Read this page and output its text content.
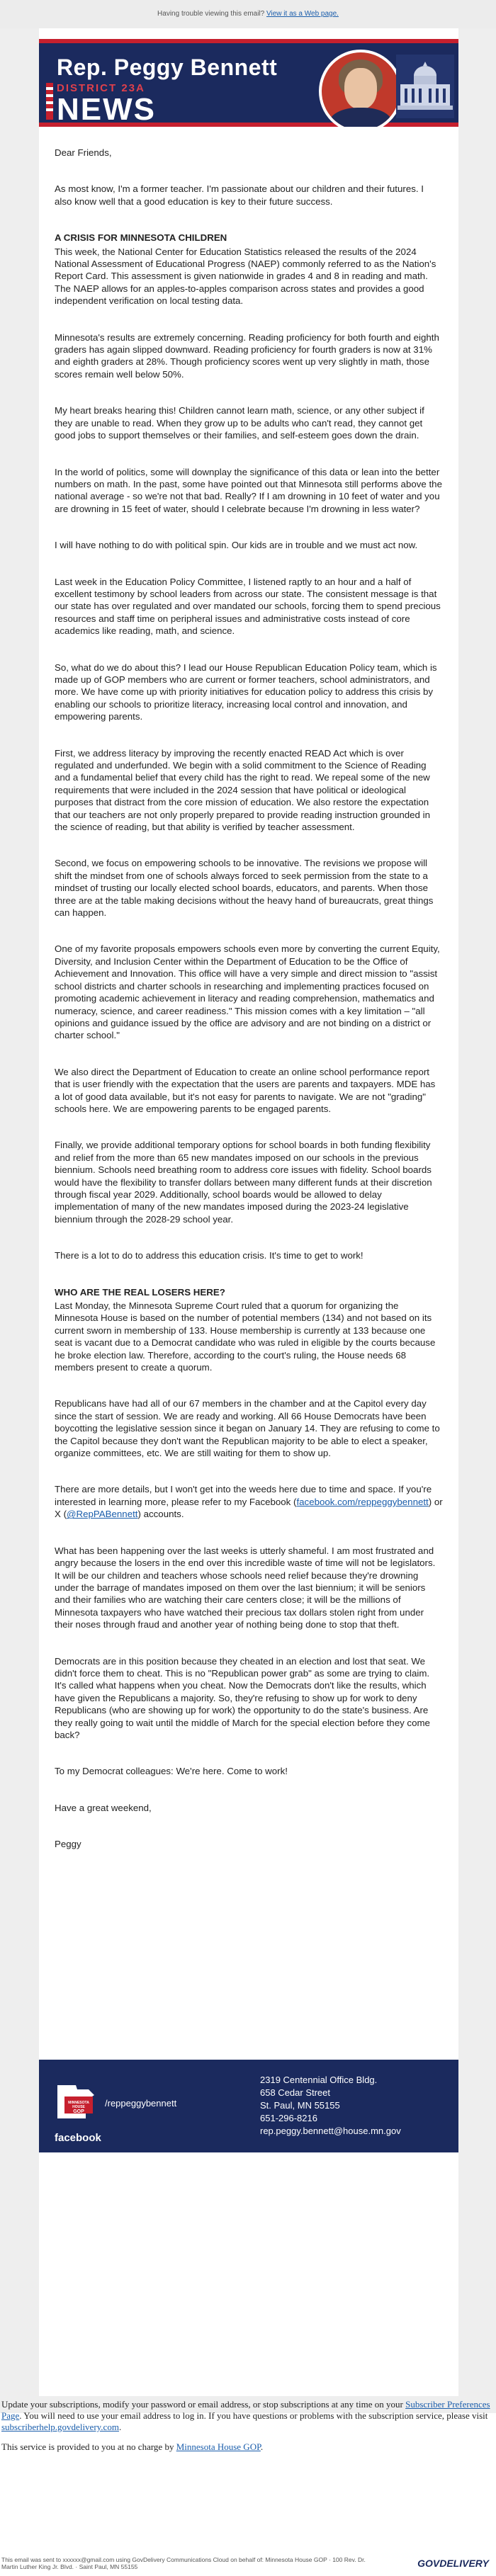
Having trouble viewing this email? View it as a Web page.
Rep. Peggy Bennett
DISTRICT 23A
NEWS

Dear Friends,

As most know, I'm a former teacher. I'm passionate about our children and their futures. I also know well that a good education is key to their future success.

A CRISIS FOR MINNESOTA CHILDREN

This week, the National Center for Education Statistics released the results of the 2024 National Assessment of Educational Progress (NAEP) commonly referred to as the Nation's Report Card. This assessment is given nationwide in grades 4 and 8 in reading and math. The NAEP allows for an apples-to-apples comparison across states and provides a good independent verification on local testing data.

Minnesota's results are extremely concerning. Reading proficiency for both fourth and eighth graders has again slipped downward. Reading proficiency for fourth graders is now at 31% and eighth graders at 28%. Though proficiency scores went up very slightly in math, those scores remain well below 50%.

My heart breaks hearing this! Children cannot learn math, science, or any other subject if they are unable to read. When they grow up to be adults who can't read, they cannot get good jobs to support themselves or their families, and self-esteem goes down the drain.

In the world of politics, some will downplay the significance of this data or lean into the better numbers on math. In the past, some have pointed out that Minnesota still performs above the national average - so we're not that bad. Really? If I am drowning in 10 feet of water and you are drowning in 15 feet of water, should I celebrate because I'm drowning in less water?

I will have nothing to do with political spin. Our kids are in trouble and we must act now.

Last week in the Education Policy Committee, I listened raptly to an hour and a half of excellent testimony by school leaders from across our state. The consistent message is that our state has over regulated and over mandated our schools, forcing them to spend precious resources and staff time on peripheral issues and administrative costs instead of core academics like reading, math, and science.

So, what do we do about this? I lead our House Republican Education Policy team, which is made up of GOP members who are current or former teachers, school administrators, and more. We have come up with priority initiatives for education policy to address this crisis by enabling our schools to prioritize literacy, increasing local control and innovation, and empowering parents.

First, we address literacy by improving the recently enacted READ Act which is over regulated and underfunded. We begin with a solid commitment to the Science of Reading and a fundamental belief that every child has the right to read. We repeal some of the new requirements that were included in the 2024 session that have political or ideological purposes that distract from the core mission of education. We also restore the expectation that our teachers are not only properly prepared to provide reading instruction grounded in the science of reading, but that ability is verified by teacher assessment.

Second, we focus on empowering schools to be innovative. The revisions we propose will shift the mindset from one of schools always forced to seek permission from the state to a mindset of trusting our locally elected school boards, educators, and parents. When those three are at the table making decisions without the heavy hand of bureaucrats, great things can happen.

One of my favorite proposals empowers schools even more by converting the current Equity, Diversity, and Inclusion Center within the Department of Education to be the Office of Achievement and Innovation. This office will have a very simple and direct mission to "assist school districts and charter schools in researching and implementing practices focused on promoting academic achievement in literacy and reading comprehension, mathematics and numeracy, science, and career readiness." This mission comes with a key limitation – "all opinions and guidance issued by the office are advisory and are not binding on a district or charter school."

We also direct the Department of Education to create an online school performance report that is user friendly with the expectation that the users are parents and taxpayers. MDE has a lot of good data available, but it's not easy for parents to navigate. We are not "grading" schools here. We are empowering parents to be engaged parents.

Finally, we provide additional temporary options for school boards in both funding flexibility and relief from the more than 65 new mandates imposed on our schools in the previous biennium. Schools need breathing room to address core issues with fidelity. School boards would have the flexibility to transfer dollars between many different funds at their discretion through fiscal year 2029. Additionally, school boards would be allowed to delay implementation of many of the new mandates imposed during the 2023-24 legislative biennium through the 2028-29 school year.

There is a lot to do to address this education crisis. It's time to get to work!

WHO ARE THE REAL LOSERS HERE?

Last Monday, the Minnesota Supreme Court ruled that a quorum for organizing the Minnesota House is based on the number of potential members (134) and not based on its current sworn in membership of 133. House membership is currently at 133 because one seat is vacant due to a Democrat candidate who was ruled in eligible by the courts because he broke election law. Therefore, according to the court's ruling, the House needs 68 members present to create a quorum.

Republicans have had all of our 67 members in the chamber and at the Capitol every day since the start of session. We are ready and working. All 66 House Democrats have been boycotting the legislative session since it began on January 14. They are refusing to come to the Capitol because they don't want the Republican majority to be able to elect a speaker, organize committees, etc. We are still waiting for them to show up.

There are more details, but I won't get into the weeds here due to time and space. If you're interested in learning more, please refer to my Facebook (facebook.com/reppeggybennett) or X (@RepPABennett) accounts.

What has been happening over the last weeks is utterly shameful. I am most frustrated and angry because the losers in the end over this incredible waste of time will not be legislators. It will be our children and teachers whose schools need relief because they're drowning under the barrage of mandates imposed on them over the last biennium; it will be seniors and their families who are watching their care centers close; it will be the millions of Minnesota taxpayers who have watched their precious tax dollars stolen right from under their noses through fraud and another year of nothing being done to stop that theft.

Democrats are in this position because they cheated in an election and lost that seat. We didn't force them to cheat. This is no "Republican power grab" as some are trying to claim. It's called what happens when you cheat. Now the Democrats don't like the results, which have given the Republicans a majority. So, they're refusing to show up for work to deny Republicans (who are showing up for work) the opportunity to do the state's business. Are they really going to wait until the middle of March for the special election before they come back?

To my Democrat colleagues: We're here. Come to work!

Have a great weekend,

Peggy

MINNESOTA
HOUSE
GOP
/reppeggybennett
facebook
2319 Centennial Office Bldg.
658 Cedar Street
St. Paul, MN 55155
651-296-8216
rep.peggy.bennett@house.mn.gov

Update your subscriptions, modify your password or email address, or stop subscriptions at any time on your Subscriber Preferences Page. You will need to use your email address to log in. If you have questions or problems with the subscription service, please visit subscriberhelp.govdelivery.com.

This service is provided to you at no charge by Minnesota House GOP.

This email was sent to xxxxxx@gmail.com using GovDelivery Communications Cloud on behalf of: Minnesota House GOP · 100 Rev. Dr. Martin Luther King Jr. Blvd. · Saint Paul, MN 55155	GOVDELIVERY
